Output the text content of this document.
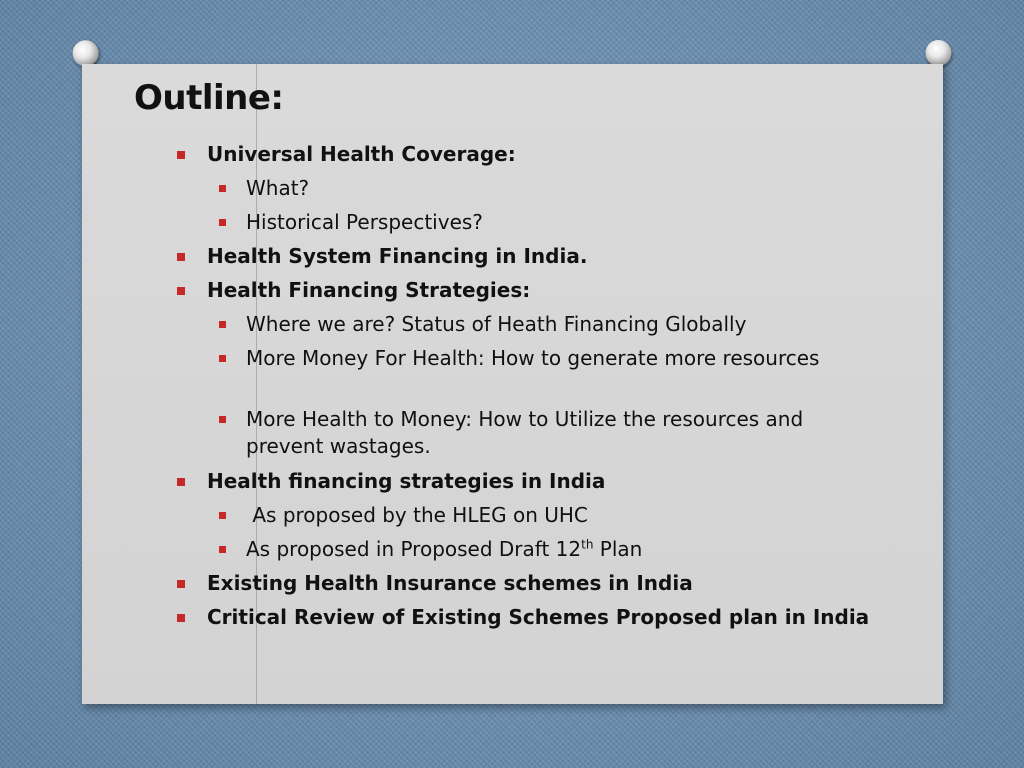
Outline:
Universal Health Coverage:
What?
Historical Perspectives?
Health System Financing in India.
Health Financing Strategies:
Where we are? Status of Heath Financing Globally
More Money For Health: How to generate more resources
More Health to Money: How to Utilize the resources and prevent wastages.
Health financing strategies in India
As proposed by the HLEG on UHC
As proposed in Proposed Draft 12th Plan
Existing Health Insurance schemes in India
Critical Review of Existing Schemes Proposed plan in India
